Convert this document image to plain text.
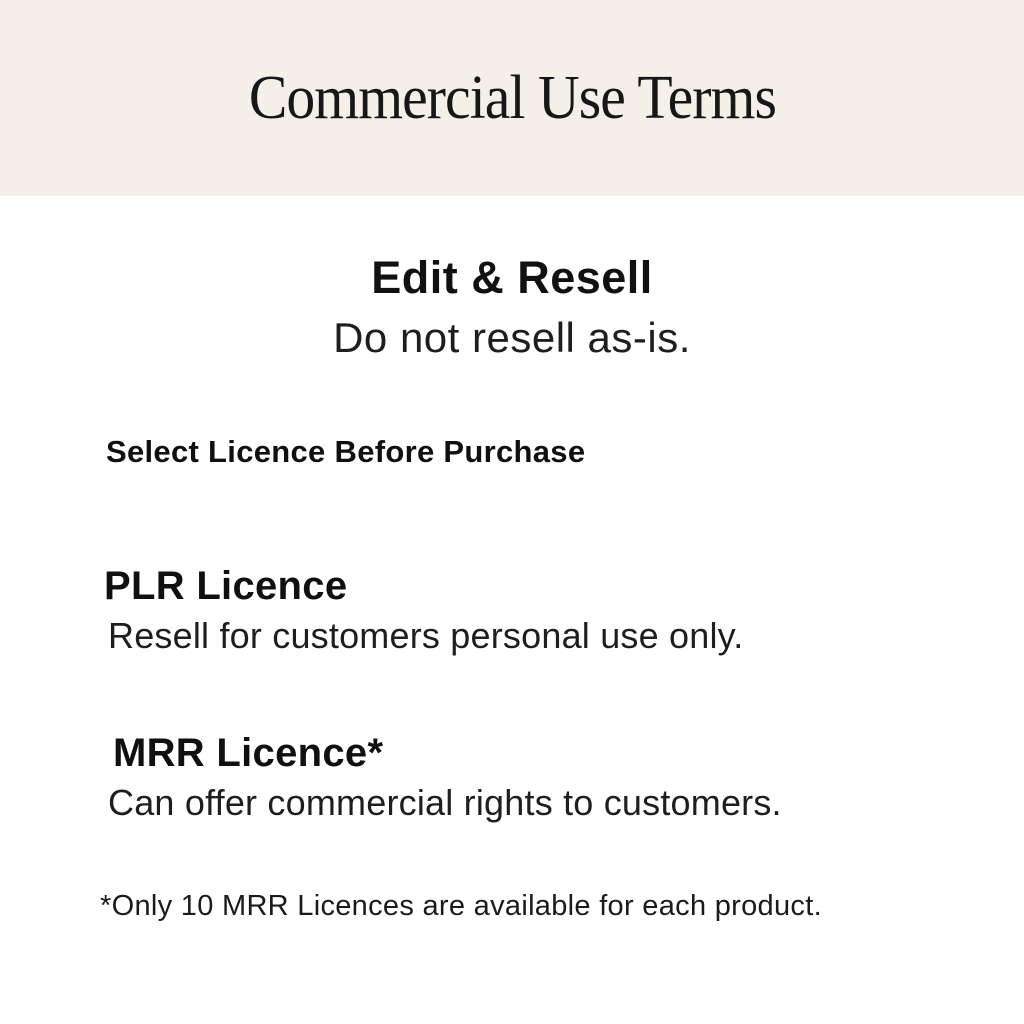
Commercial Use Terms
Edit & Resell
Do not resell as-is.
Select Licence Before Purchase
PLR Licence
Resell for customers personal use only.
MRR Licence*
Can offer commercial rights to customers.
*Only 10 MRR Licences are available for each product.
